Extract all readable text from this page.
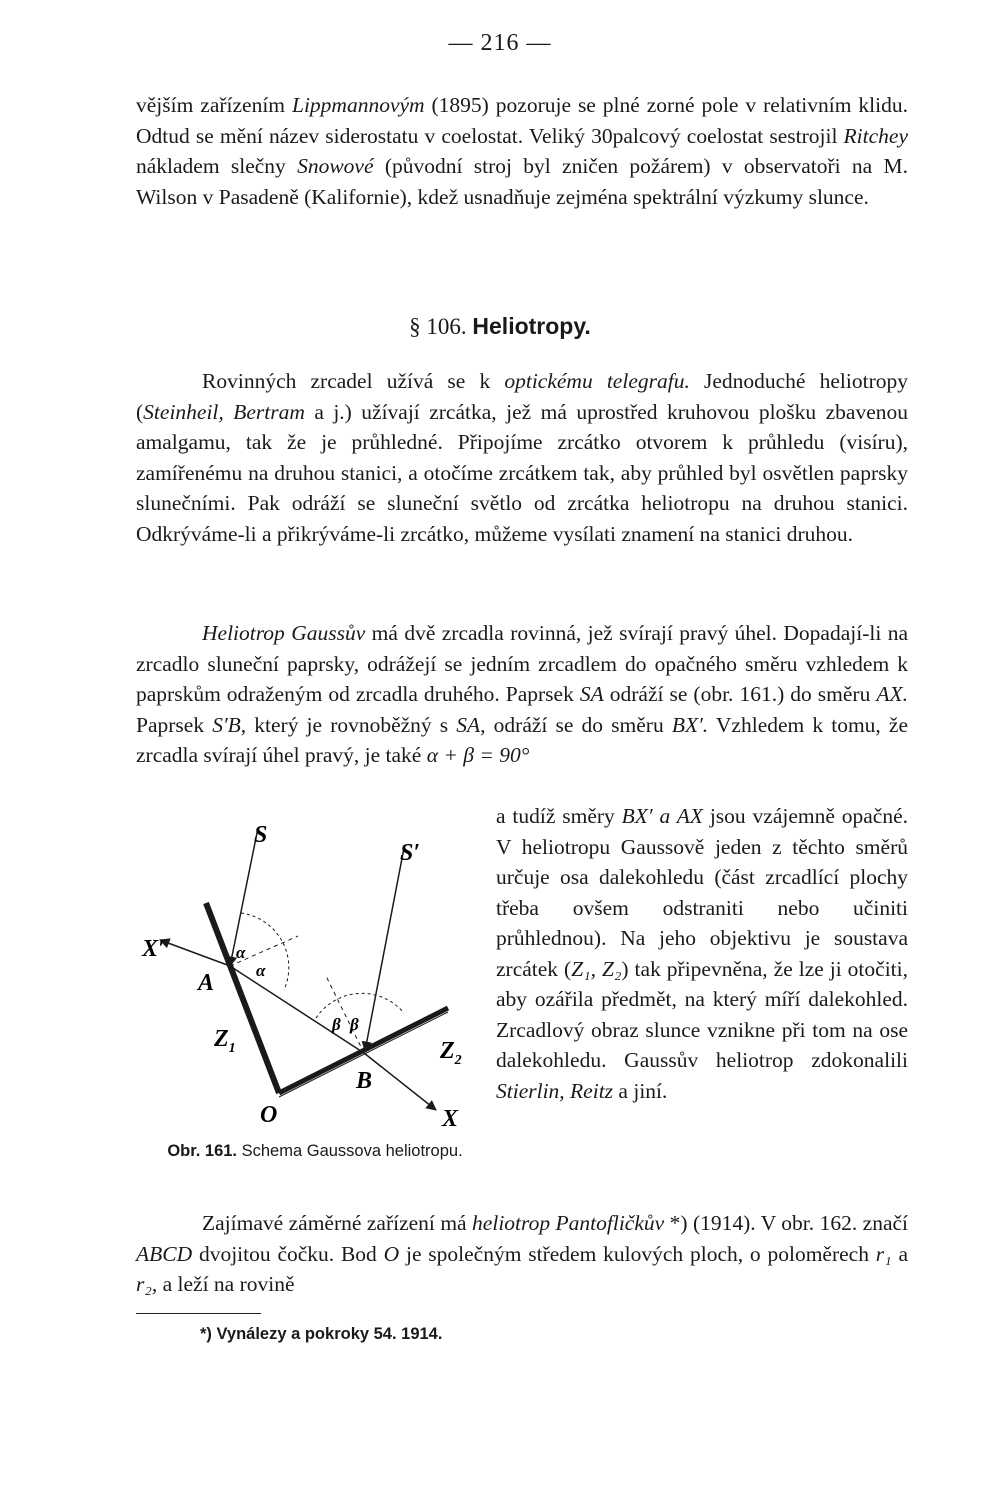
— 216 —

vějším zařízením Lippmannovým (1895) pozoruje se plné zorné pole v relativním klidu. Odtud se mění název siderostatu v coelostat. Veliký 30palcový coelostat sestrojil Ritchey nákladem slečny Snowové (původní stroj byl zničen požárem) v observatoři na M. Wilson v Pasadeně (Kalifornie), kdež usnadňuje zejména spektrální výzkumy slunce.

§ 106. Heliotropy.

Rovinných zrcadel užívá se k optickému telegrafu. Jednoduché heliotropy (Steinheil, Bertram a j.) užívají zrcátka, jež má uprostřed kruhovou plošku zbavenou amalgamu, tak že je průhledné. Připojíme zrcátko otvorem k průhledu (visíru), zamířenému na druhou stanici, a otočíme zrcátkem tak, aby průhled byl osvětlen paprsky slunečními. Pak odráží se sluneční světlo od zrcátka heliotropu na druhou stanici. Odkrýváme-li a přikrýváme-li zrcátko, můžeme vysílati znamení na stanici druhou.

Heliotrop Gaussův má dvě zrcadla rovinná, jež svírají pravý úhel. Dopadají-li na zrcadlo sluneční paprsky, odrážejí se jedním zrcadlem do opačného směru vzhledem k paprskům odraženým od zrcadla druhého. Paprsek SA odráží se (obr. 161.) do směru AX. Paprsek S′B, který je rovnoběžný s SA, odráží se do směru BX′. Vzhledem k tomu, že zrcadla svírají úhel pravý, je také α + β = 90°

a tudíž směry BX′ a AX jsou vzájemně opačné. V heliotropu Gaussově jeden z těchto směrů určuje osa dalekohledu (část zrcadlící plochy třeba ovšem odstraniti nebo učiniti průhlednou). Na jeho objektivu je soustava zrcátek (Z₁, Z₂) tak připevněna, že lze ji otočiti, aby ozářila předmět, na který míří dalekohled. Zrcadlový obraz slunce vznikne při tom na ose dalekohledu. Gaussův heliotrop zdokonalili Stierlin, Reitz a jiní.

S
S′
X′
A
α
α
β β
$Z_1$	$Z_2$
B
O	X
Obr. 161. Schema Gaussova heliotropu.

Zajímavé záměrné zařízení má heliotrop Pantofličkův *) (1914). V obr. 162. značí ABCD dvojitou čočku. Bod O je společným středem kulových ploch, o poloměrech r₁ a r₂, a leží na rovině

*) Vynálezy a pokroky 54. 1914.
